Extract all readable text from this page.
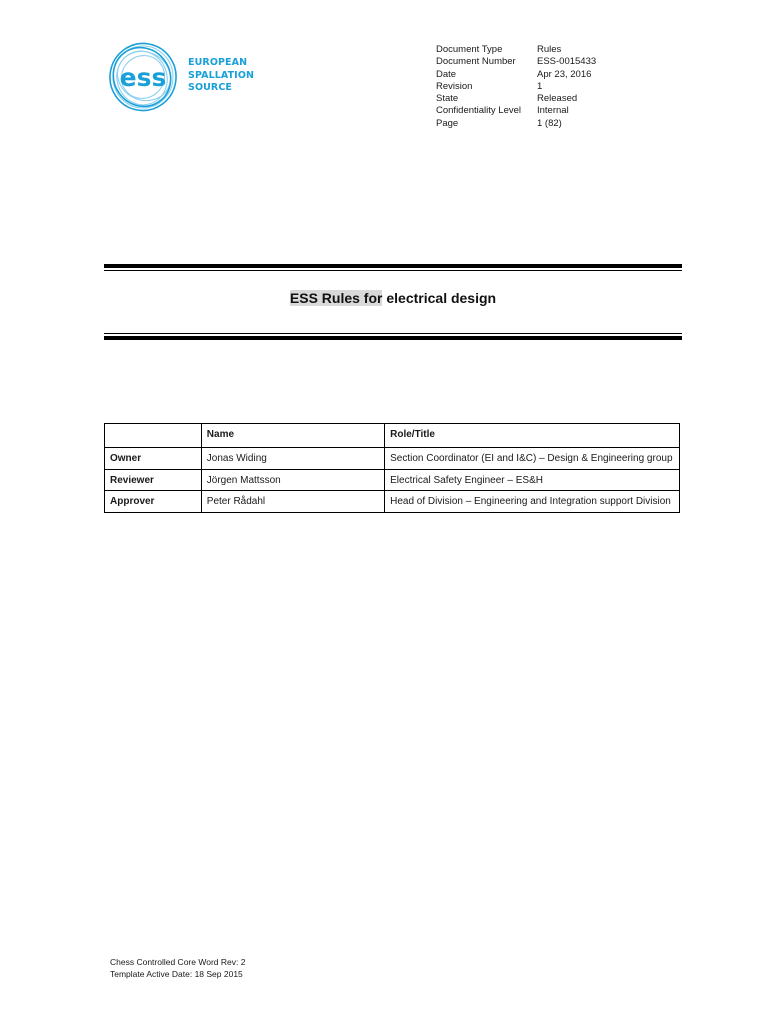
ess
EUROPEAN
SPALLATION
SOURCE
Document Type	Rules
Document Number	ESS-0015433
Date	Apr 23, 2016
Revision	1
State	Released
Confidentiality Level	Internal
Page	1 (82)
ESS Rules for electrical design
	Name	Role/Title
Owner	Jonas Widing	Section Coordinator (EI and I&C) – Design & Engineering group
Reviewer	Jörgen Mattsson	Electrical Safety Engineer – ES&H
Approver	Peter Rådahl	Head of Division – Engineering and Integration support Division
Chess Controlled Core Word Rev: 2
Template Active Date: 18 Sep 2015
